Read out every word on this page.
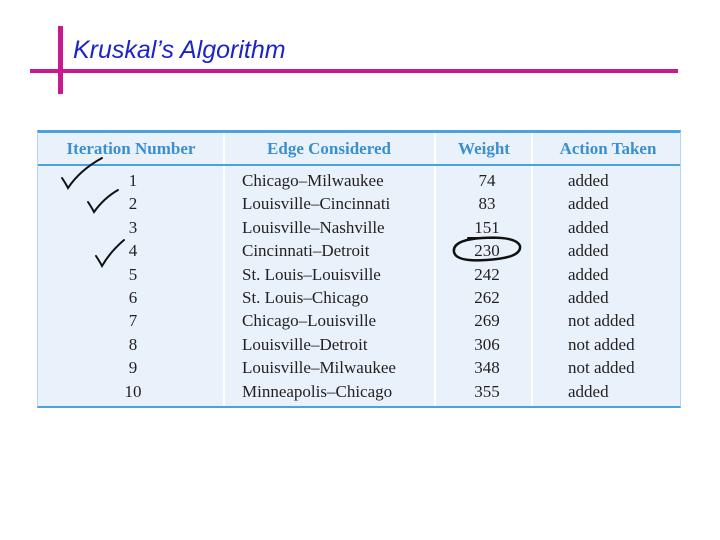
Kruskal’s Algorithm
Iteration Number	Edge Considered	Weight	Action Taken
1	Chicago–Milwaukee	74	added
2	Louisville–Cincinnati	83	added
3	Louisville–Nashville	151	added
4	Cincinnati–Detroit	230	added
5	St. Louis–Louisville	242	added
6	St. Louis–Chicago	262	added
7	Chicago–Louisville	269	not added
8	Louisville–Detroit	306	not added
9	Louisville–Milwaukee	348	not added
10	Minneapolis–Chicago	355	added
